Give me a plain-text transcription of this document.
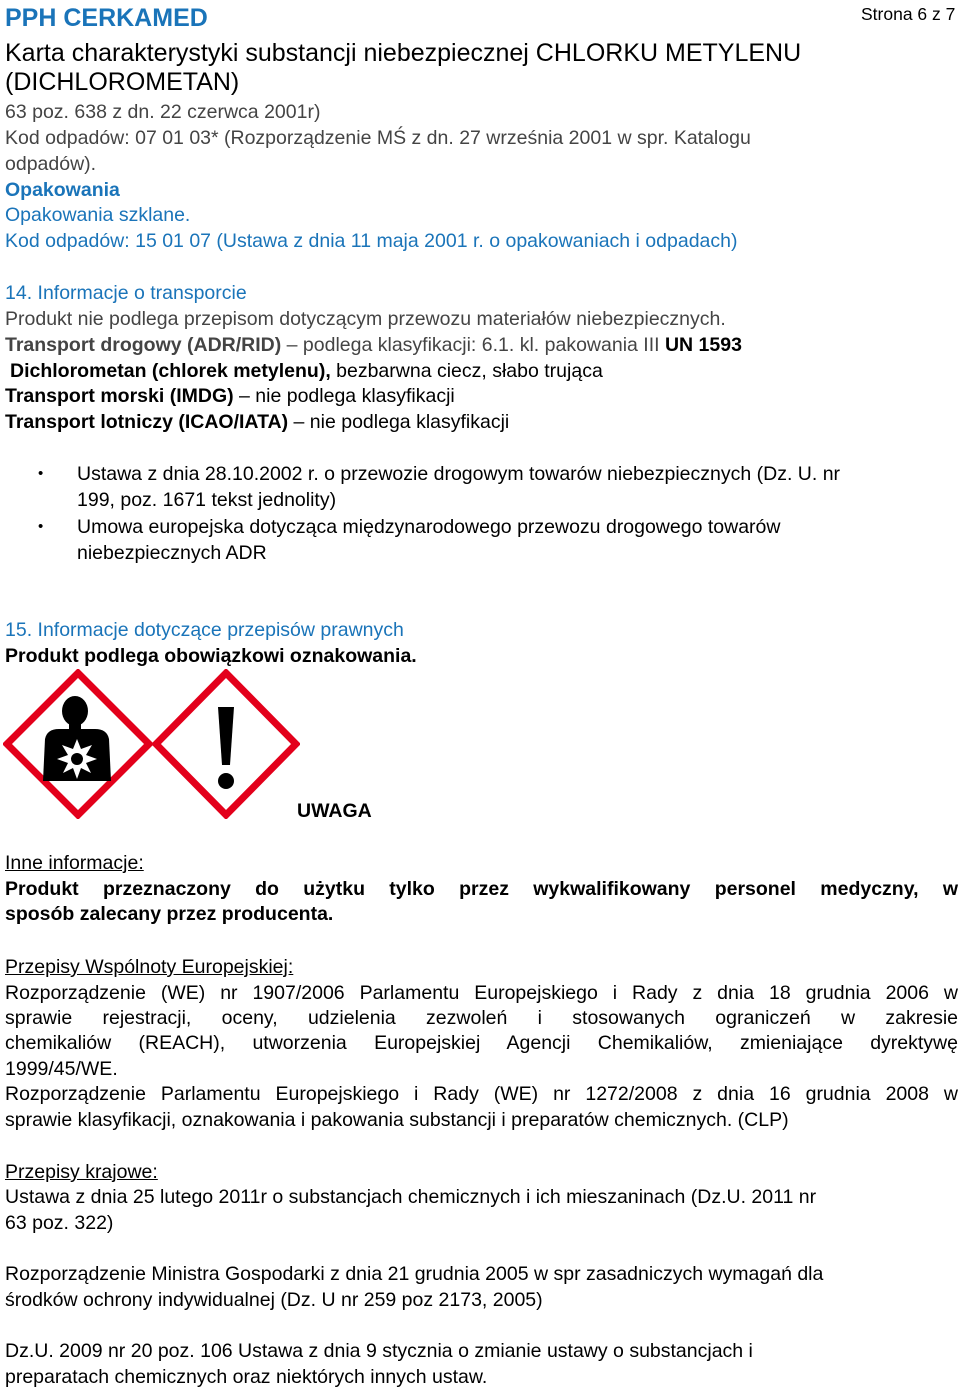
PPH CERKAMED	Strona 6 z 7
Karta charakterystyki substancji niebezpiecznej CHLORKU METYLENU
(DICHLOROMETAN)
63 poz. 638 z dn. 22 czerwca 2001r)
Kod odpadów: 07 01 03* (Rozporządzenie MŚ z dn. 27 września 2001 w spr. Katalogu
odpadów).
Opakowania
Opakowania szklane.
Kod odpadów: 15 01 07 (Ustawa z dnia 11 maja 2001 r. o opakowaniach i odpadach)
14. Informacje o transporcie
Produkt nie podlega przepisom dotyczącym przewozu materiałów niebezpiecznych.
Transport drogowy (ADR/RID) – podlega klasyfikacji: 6.1. kl. pakowania III UN 1593
Dichlorometan (chlorek metylenu), bezbarwna ciecz, słabo trująca
Transport morski (IMDG) – nie podlega klasyfikacji
Transport lotniczy (ICAO/IATA) – nie podlega klasyfikacji
• Ustawa z dnia 28.10.2002 r. o przewozie drogowym towarów niebezpiecznych (Dz. U. nr
199, poz. 1671 tekst jednolity)
• Umowa europejska dotycząca międzynarodowego przewozu drogowego towarów
niebezpiecznych ADR
15. Informacje dotyczące przepisów prawnych
Produkt podlega obowiązkowi oznakowania.
UWAGA
Inne informacje:
Produkt przeznaczony do użytku tylko przez wykwalifikowany personel medyczny, w
sposób zalecany przez producenta.
Przepisy Wspólnoty Europejskiej:
Rozporządzenie (WE) nr 1907/2006 Parlamentu Europejskiego i Rady z dnia 18 grudnia 2006 w
sprawie rejestracji, oceny, udzielenia zezwoleń i stosowanych ograniczeń w zakresie
chemikaliów (REACH), utworzenia Europejskiej Agencji Chemikaliów, zmieniające dyrektywę
1999/45/WE.
Rozporządzenie Parlamentu Europejskiego i Rady (WE) nr 1272/2008 z dnia 16 grudnia 2008 w
sprawie klasyfikacji, oznakowania i pakowania substancji i preparatów chemicznych. (CLP)
Przepisy krajowe:
Ustawa z dnia 25 lutego 2011r o substancjach chemicznych i ich mieszaninach (Dz.U. 2011 nr
63 poz. 322)
Rozporządzenie Ministra Gospodarki z dnia 21 grudnia 2005 w spr zasadniczych wymagań dla
środków ochrony indywidualnej (Dz. U nr 259 poz 2173, 2005)
Dz.U. 2009 nr 20 poz. 106 Ustawa z dnia 9 stycznia o zmianie ustawy o substancjach i
preparatach chemicznych oraz niektórych innych ustaw.
